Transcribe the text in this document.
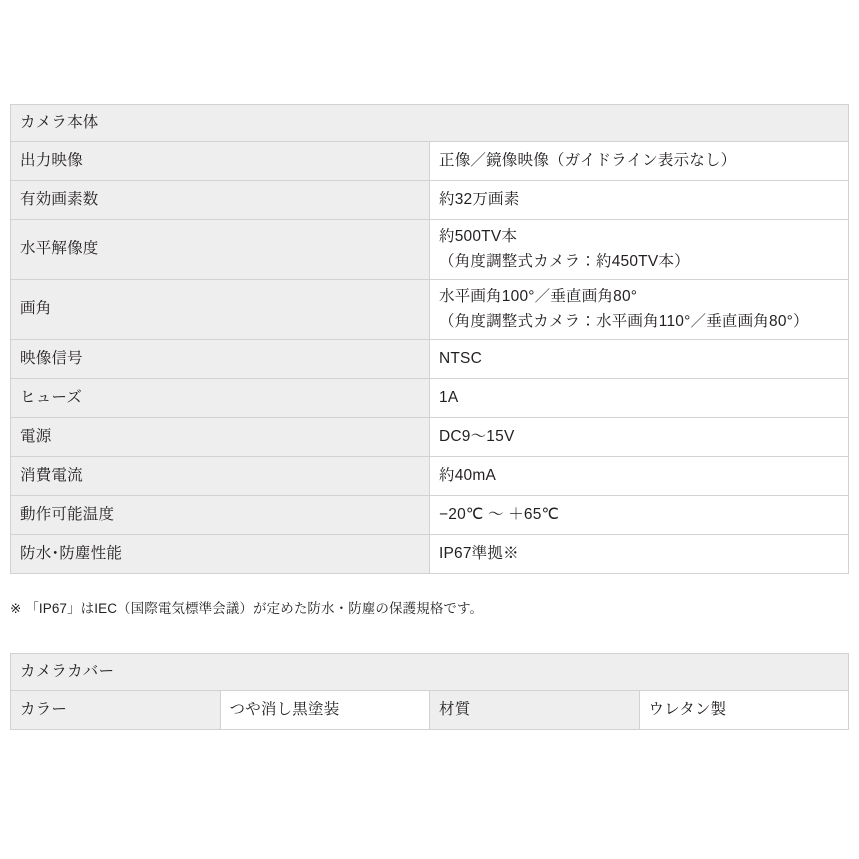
カメラ本体	
出力映像	正像／鏡像映像（ガイドライン表示なし）

有効画素数	約32万画素

水平解像度	約500TV本
（角度調整式カメラ：約450TV本）

画角	水平画角100°／垂直画角80°
（角度調整式カメラ：水平画角110°／垂直画角80°）

映像信号	NTSC

ヒューズ	1A

電源	DC9〜15V

消費電流	約40mA

動作可能温度	−20℃ 〜 ＋65℃

防水･防塵性能	IP67準拠※
※ 「IP67」はIEC（国際電気標準会議）が定めた防水・防塵の保護規格です。
カメラカバー
カラー	つや消し黒塗装	材質	ウレタン製
